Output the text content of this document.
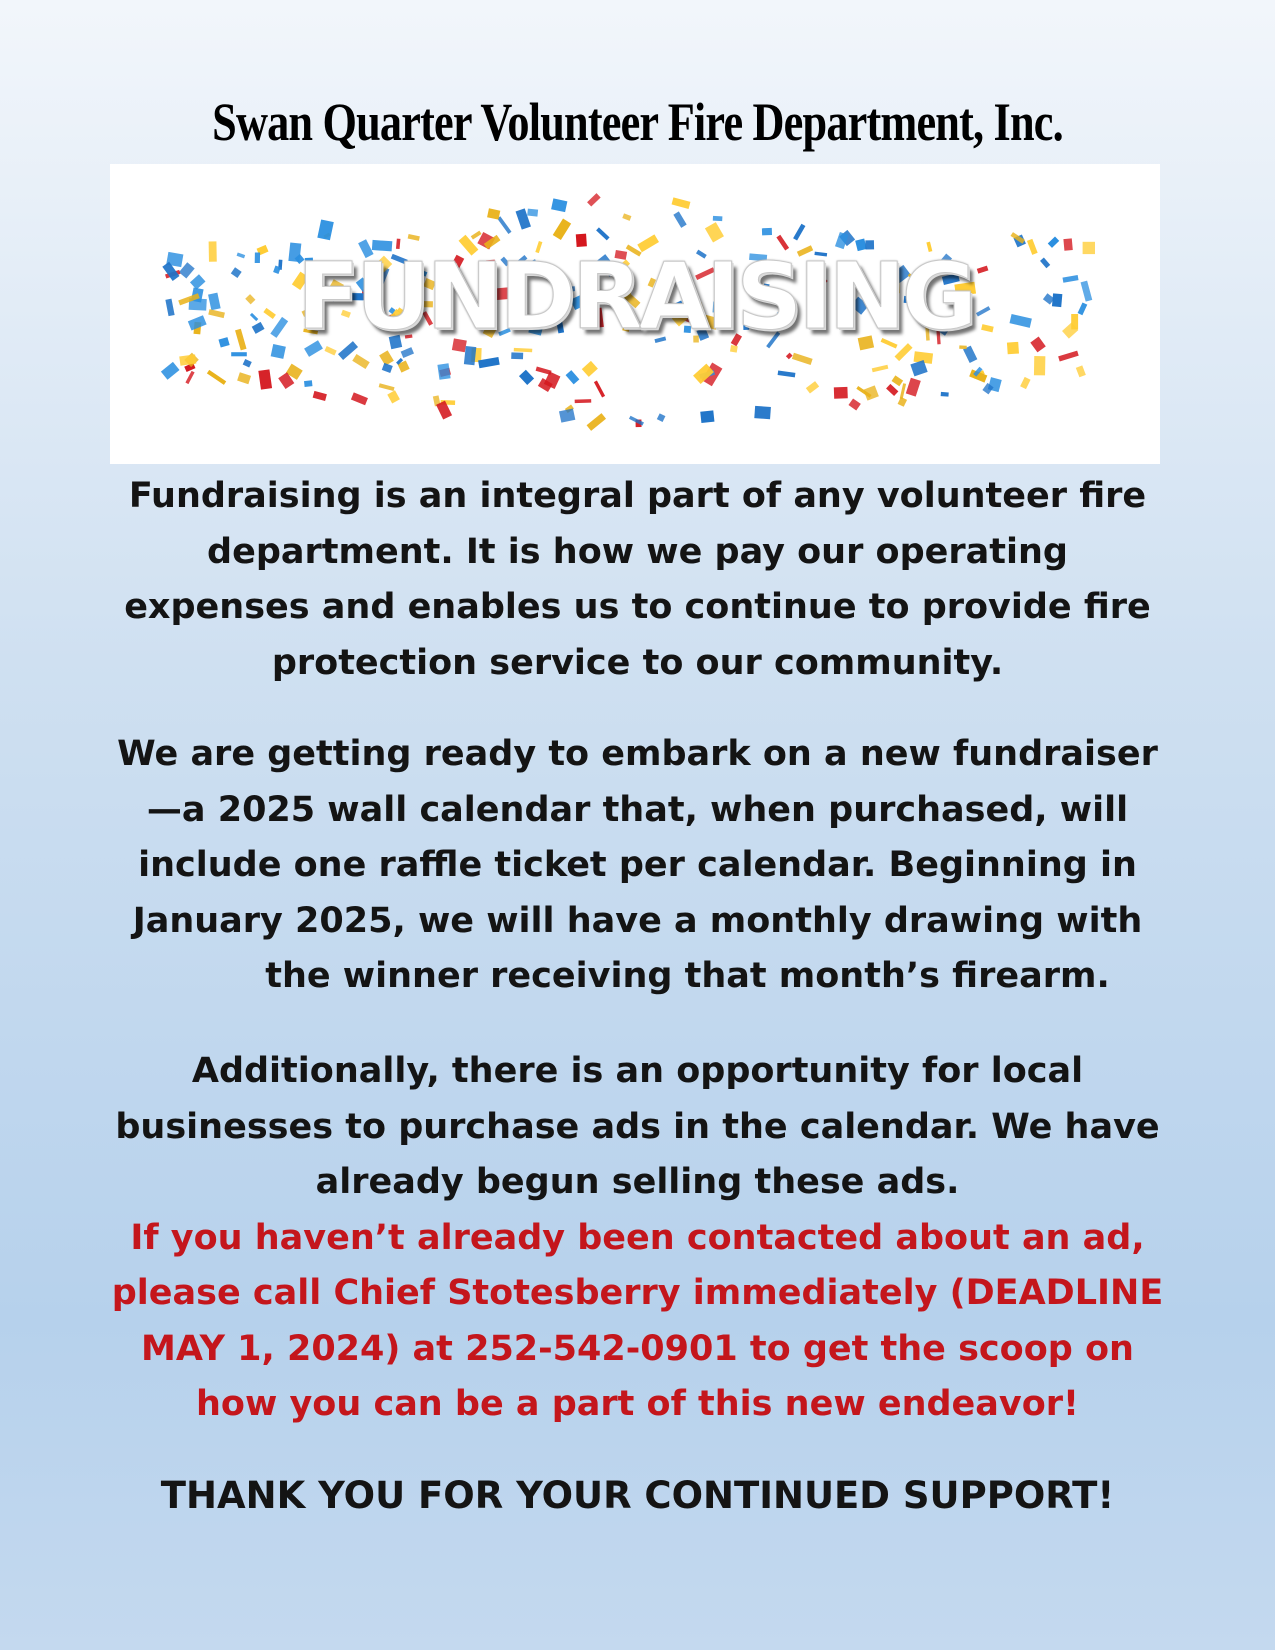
Swan Quarter Volunteer Fire Department, Inc.
FUNDRAISING

Fundraising is an integral part of any volunteer fire department. It is how we pay our operating expenses and enables us to continue to provide fire protection service to our community.

We are getting ready to embark on a new fundraiser —a 2025 wall calendar that, when purchased, will include one raffle ticket per calendar. Beginning in January 2025, we will have a monthly drawing with
the winner receiving that month’s firearm.

Additionally, there is an opportunity for local businesses to purchase ads in the calendar. We have already begun selling these ads.
If you haven’t already been contacted about an ad, please call Chief Stotesberry immediately (DEADLINE MAY 1, 2024) at 252-542-0901 to get the scoop on how you can be a part of this new endeavor!

THANK YOU FOR YOUR CONTINUED SUPPORT!
